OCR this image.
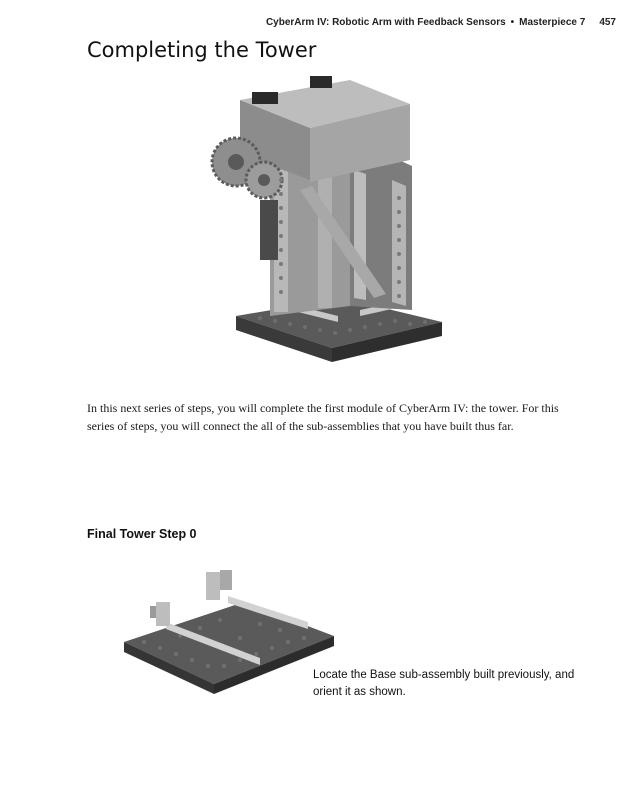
CyberArm IV: Robotic Arm with Feedback Sensors • Masterpiece 7 457
Completing the Tower

In this next series of steps, you will complete the first module of CyberArm IV: the tower. For this series of steps, you will connect the all of the sub-assemblies that you have built thus far.

Final Tower Step 0

Locate the Base sub-assembly built previously, and orient it as shown.
